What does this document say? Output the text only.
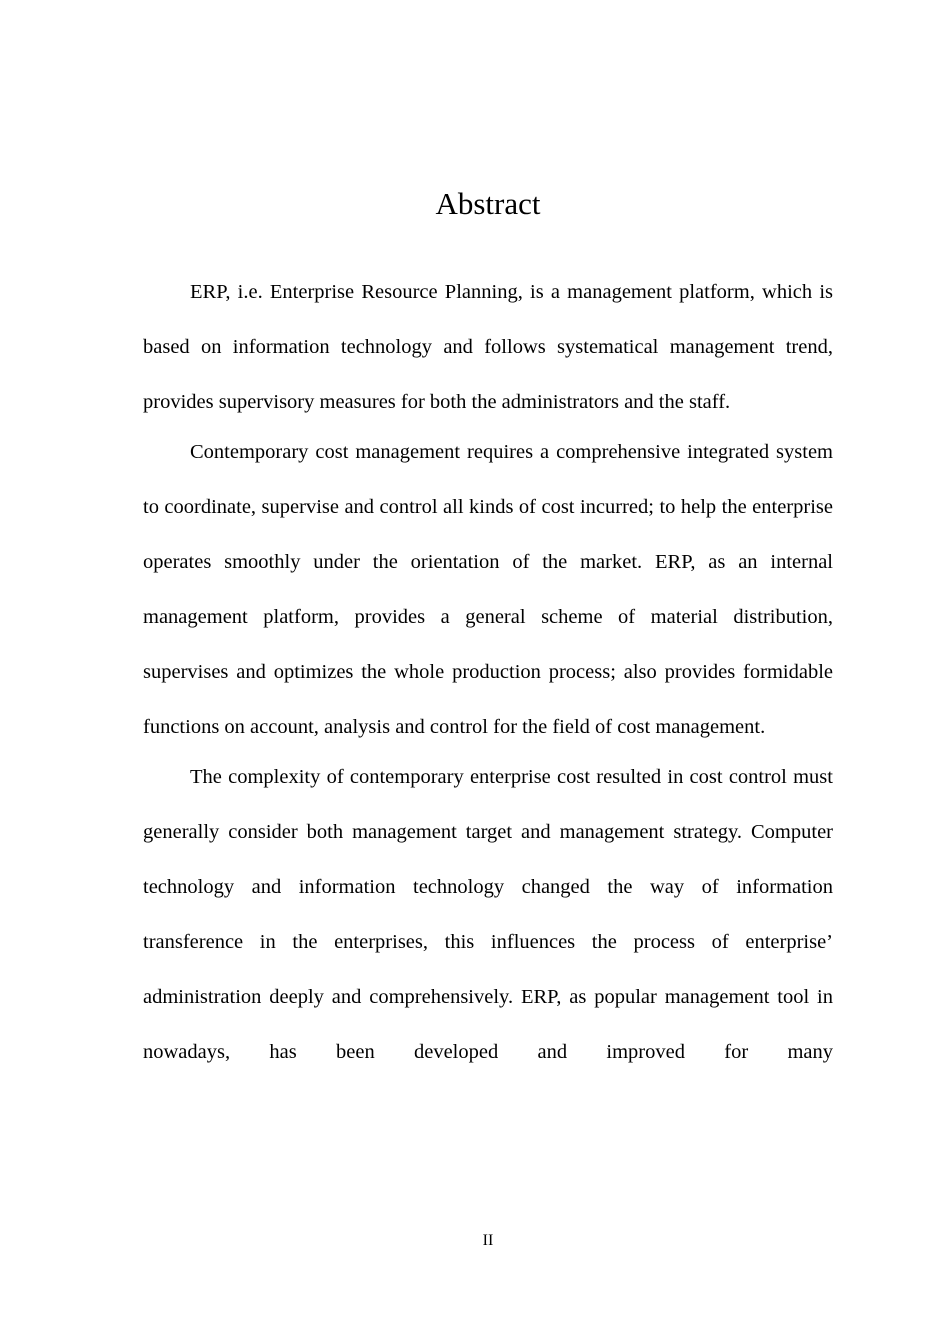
Abstract

ERP, i.e. Enterprise Resource Planning, is a management platform, which is based on information technology and follows systematical management trend, provides supervisory measures for both the administrators and the staff.

Contemporary cost management requires a comprehensive integrated system to coordinate, supervise and control all kinds of cost incurred; to help the enterprise operates smoothly under the orientation of the market. ERP, as an internal management platform, provides a general scheme of material distribution, supervises and optimizes the whole production process; also provides formidable functions on account, analysis and control for the field of cost management.

The complexity of contemporary enterprise cost resulted in cost control must generally consider both management target and management strategy. Computer technology and information technology changed the way of information transference in the enterprises, this influences the process of enterprise’ administration deeply and comprehensively. ERP, as popular management tool in nowadays, has been developed and improved for many

II
